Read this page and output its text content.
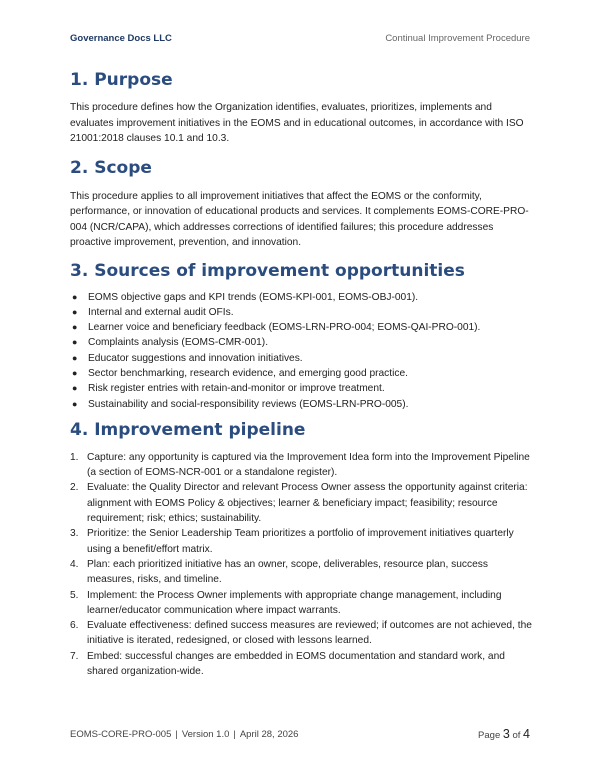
Governance Docs LLC	Continual Improvement Procedure
1. Purpose

This procedure defines how the Organization identifies, evaluates, prioritizes, implements and evaluates improvement initiatives in the EOMS and in educational outcomes, in accordance with ISO 21001:2018 clauses 10.1 and 10.3.

2. Scope

This procedure applies to all improvement initiatives that affect the EOMS or the conformity, performance, or innovation of educational products and services. It complements EOMS-CORE-PRO-004 (NCR/CAPA), which addresses corrections of identified failures; this procedure addresses proactive improvement, prevention, and innovation.

3. Sources of improvement opportunities
● EOMS objective gaps and KPI trends (EOMS-KPI-001, EOMS-OBJ-001).
● Internal and external audit OFIs.
● Learner voice and beneficiary feedback (EOMS-LRN-PRO-004; EOMS-QAI-PRO-001).
● Complaints analysis (EOMS-CMR-001).
● Educator suggestions and innovation initiatives.
● Sector benchmarking, research evidence, and emerging good practice.
● Risk register entries with retain-and-monitor or improve treatment.
● Sustainability and social-responsibility reviews (EOMS-LRN-PRO-005).
4. Improvement pipeline
1. Capture: any opportunity is captured via the Improvement Idea form into the Improvement Pipeline (a section of EOMS-NCR-001 or a standalone register).
2. Evaluate: the Quality Director and relevant Process Owner assess the opportunity against criteria: alignment with EOMS Policy & objectives; learner & beneficiary impact; feasibility; resource requirement; risk; ethics; sustainability.
3. Prioritize: the Senior Leadership Team prioritizes a portfolio of improvement initiatives quarterly using a benefit/effort matrix.
4. Plan: each prioritized initiative has an owner, scope, deliverables, resource plan, success measures, risks, and timeline.
5. Implement: the Process Owner implements with appropriate change management, including learner/educator communication where impact warrants.
6. Evaluate effectiveness: defined success measures are reviewed; if outcomes are not achieved, the initiative is iterated, redesigned, or closed with lessons learned.
7. Embed: successful changes are embedded in EOMS documentation and standard work, and shared organization-wide.
EOMS-CORE-PRO-005 | Version 1.0 | April 28, 2026	Page 3 of 4
